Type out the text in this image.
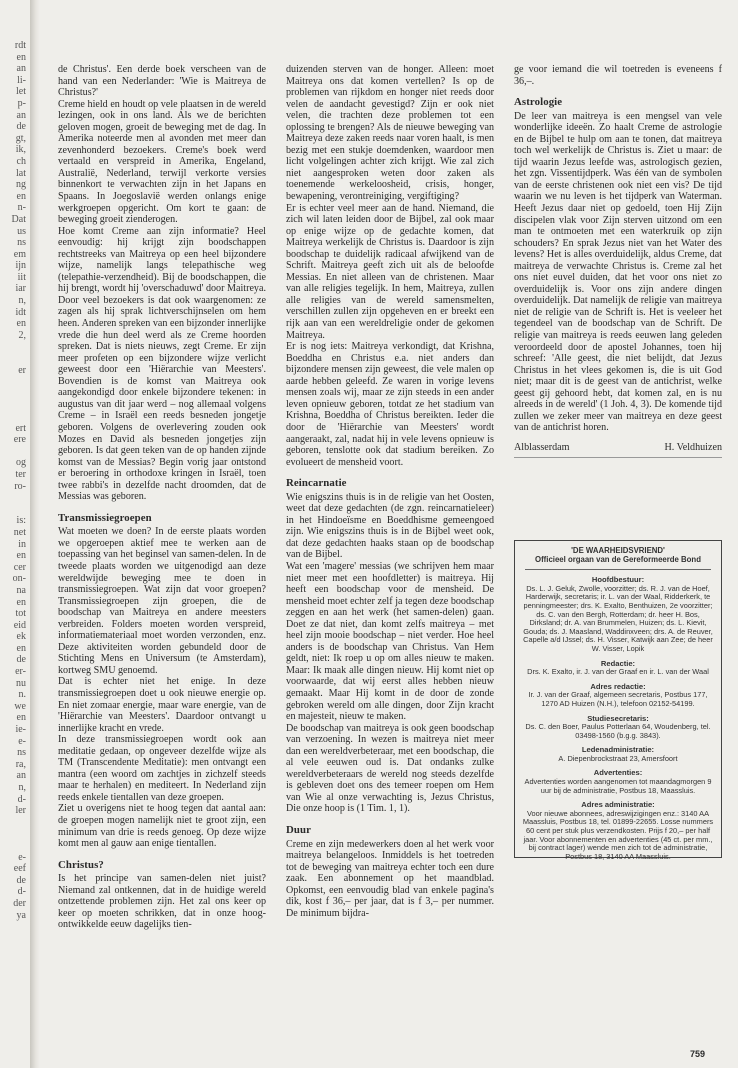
rdt
en
an
li-
let
p-
an
de
gt,
ik,
ch
lat
ng
en
n-
Dat
us
ns
em
ijn
iit
iar
n,
idt
en
2,

er

ert
ere

og
ter
ro-

is:
net
in
en
cer
on-
na
en
tot
eid
ek
en
de
er-
nu
n.
we
en
ie-
e-
ns
ra,
an
n,
d-
ler

e-
eef
de
d-
der
ya

de Christus'. Een derde boek verscheen van de hand van een Nederlander: 'Wie is Maitreya de Christus?'

Creme hield en houdt op vele plaatsen in de wereld lezingen, ook in ons land. Als we de berichten geloven mogen, groeit de beweging met de dag. In Amerika noteerde men al avonden met meer dan zevenhonderd bezoekers. Creme's boek werd vertaald en verspreid in Amerika, Engeland, Australië, Nederland, terwijl verkorte versies binnenkort te verwachten zijn in het Japans en Spaans. In Joegoslavië werden onlangs enige werkgroepen opgericht. Om kort te gaan: de beweging groeit zienderogen.

Hoe komt Creme aan zijn informatie? Heel eenvoudig: hij krijgt zijn boodschappen rechtstreeks van Maitreya op een heel bijzondere wijze, namelijk langs telepathische weg (telepathie-verzendheid). Bij de boodschappen, die hij brengt, wordt hij 'overschaduwd' door Maitreya. Door veel bezoekers is dat ook waargenomen: ze zagen als hij sprak lichtverschijnselen om hem heen. Anderen spreken van een bijzonder innerlijke vrede die hun deel werd als ze Creme hoorden spreken. Dat is niets nieuws, zegt Creme. Er zijn meer profeten op een bijzondere wijze verlicht geweest door een 'Hiërarchie van Meesters'. Bovendien is de komst van Maitreya ook aangekondigd door enkele bijzondere tekenen: in augustus van dit jaar werd – nog allemaal volgens Creme – in Israël een reeds besneden jongetje geboren. Volgens de overlevering zouden ook Mozes en David als besneden jongetjes zijn geboren. Is dat geen teken van de op handen zijnde komst van de Messias? Begin vorig jaar ontstond er beroering in orthodoxe kringen in Israël, toen twee rabbi's in dezelfde nacht droomden, dat de Messias was geboren.

Transmissiegroepen

Wat moeten we doen? In de eerste plaats worden we opgeroepen aktief mee te werken aan de toepassing van het beginsel van samen-delen. In de tweede plaats worden we uitgenodigd aan deze wereldwijde beweging mee te doen in transmissiegroepen. Wat zijn dat voor groepen? Transmissiegroepen zijn groepen, die de boodschap van Maitreya en andere meesters verbreiden. Folders moeten worden verspreid, informatiemateriaal moet worden verzonden, enz. Deze aktiviteiten worden gebundeld door de Stichting Mens en Universum (te Amsterdam), kortweg SMU genoemd.

Dat is echter niet het enige. In deze transmissiegroepen doet u ook nieuwe energie op. En niet zomaar energie, maar ware energie, van de 'Hiërarchie van Meesters'. Daardoor ontvangt u innerlijke kracht en vrede.

In deze transmissiegroepen wordt ook aan meditatie gedaan, op ongeveer dezelfde wijze als TM (Transcendente Meditatie): men ontvangt een mantra (een woord om zachtjes in zichzelf steeds maar te herhalen) en mediteert. In Nederland zijn reeds enkele tientallen van deze groepen.

Ziet u overigens niet te hoog tegen dat aantal aan: de groepen mogen namelijk niet te groot zijn, een minimum van drie is reeds genoeg. Op deze wijze komt men al gauw aan enige tientallen.

Christus?

Is het principe van samen-delen niet juist? Niemand zal ontkennen, dat in de huidige wereld ontzettende problemen zijn. Het zal ons keer op keer op moeten schrikken, dat in onze hoog-ontwikkelde eeuw dagelijks tien-

duizenden sterven van de honger. Alleen: moet Maitreya ons dat komen vertellen? Is op de problemen van rijkdom en honger niet reeds door velen de aandacht gevestigd? Zijn er ook niet velen, die trachten deze problemen tot een oplossing te brengen? Als de nieuwe beweging van Maitreya deze zaken reeds naar voren haalt, is men bezig met een stukje doemdenken, waardoor men licht volgelingen achter zich krijgt. Wie zal zich niet aangesproken weten door zaken als toenemende werkeloosheid, crisis, honger, bewapening, verontreiniging, vergiftiging?

Er is echter veel meer aan de hand. Niemand, die zich wil laten leiden door de Bijbel, zal ook maar op enige wijze op de gedachte komen, dat Maitreya werkelijk de Christus is. Daardoor is zijn boodschap te duidelijk radicaal afwijkend van de Schrift. Maitreya geeft zich uit als de beloofde Messias. En niet alleen van de christenen. Maar van alle religies tegelijk. In hem, Maitreya, zullen alle religies van de wereld samensmelten, verschillen zullen zijn opgeheven en er breekt een rijk aan van een wereldreligie onder de gekomen Maitreya.

Er is nog iets: Maitreya verkondigt, dat Krishna, Boeddha en Christus e.a. niet anders dan bijzondere mensen zijn geweest, die vele malen op aarde hebben geleefd. Ze waren in vorige levens mensen zoals wij, maar ze zijn steeds in een ander leven opnieuw geboren, totdat ze het stadium van Krishna, Boeddha of Christus bereikten. Ieder die door de 'Hiërarchie van Meesters' wordt aangeraakt, zal, nadat hij in vele levens opnieuw is geboren, tenslotte ook dat stadium bereiken. Zo evolueert de mensheid voort.

Reincarnatie

Wie enigszins thuis is in de religie van het Oosten, weet dat deze gedachten (de zgn. reincarnatieleer) in het Hindoeïsme en Boeddhisme gemeengoed zijn. Wie enigszins thuis is in de Bijbel weet ook, dat deze gedachten haaks staan op de boodschap van de Bijbel.

Wat een 'magere' messias (we schrijven hem maar niet meer met een hoofdletter) is maitreya. Hij heeft een boodschap voor de mensheid. De mensheid moet echter zelf ja tegen deze boodschap zeggen en aan het werk (het samen-delen) gaan. Doet ze dat niet, dan komt zelfs maitreya – met heel zijn mooie boodschap – niet verder. Hoe heel anders is de boodschap van Christus. Van Hem geldt, niet: Ik roep u op om alles nieuw te maken. Maar: Ik maak alle dingen nieuw. Hij komt niet op voorwaarde, dat wij eerst alles hebben nieuw gemaakt. Maar Hij komt in de door de zonde gebroken wereld om alle dingen, door Zijn kracht en majesteit, nieuw te maken.

De boodschap van maitreya is ook geen boodschap van verzoening. In wezen is maitreya niet meer dan een wereldverbeteraar, met een boodschap, die al vele eeuwen oud is. Dat ondanks zulke wereldverbeteraars de wereld nog steeds dezelfde is gebleven doet ons des temeer roepen om Hem van Wie al onze verwachting is, Jezus Christus, Die onze hoop is (1 Tim. 1, 1).

Duur

Creme en zijn medewerkers doen al het werk voor maitreya belangeloos. Inmiddels is het toetreden tot de beweging van maitreya echter toch een dure zaak. Een abonnement op het maandblad. Opkomst, een eenvoudig blad van enkele pagina's dik, kost f 36,– per jaar, dat is f 3,– per nummer. De minimum bijdra-

ge voor iemand die wil toetreden is eveneens f 36,–.

Astrologie

De leer van maitreya is een mengsel van vele wonderlijke ideeën. Zo haalt Creme de astrologie en de Bijbel te hulp om aan te tonen, dat maitreya toch wel werkelijk de Christus is. Ziet u maar: de tijd waarin Jezus leefde was, astrologisch gezien, het zgn. Vissentijdperk. Was één van de symbolen van de eerste christenen ook niet een vis? De tijd waarin we nu leven is het tijdperk van Waterman. Heeft Jezus daar niet op gedoeld, toen Hij Zijn discipelen vlak voor Zijn sterven uitzond om een man te ontmoeten met een waterkruik op zijn schouders? En sprak Jezus niet van het Water des levens? Het is alles overduidelijk, aldus Creme, dat maitreya de verwachte Christus is. Creme zal het ons niet euvel duiden, dat het voor ons niet zo overduidelijk is. Voor ons zijn andere dingen overduidelijk. Dat namelijk de religie van maitreya niet de religie van de Schrift is. Het is veeleer het tegendeel van de boodschap van de Schrift. De religie van maitreya is reeds eeuwen lang geleden veroordeeld door de apostel Johannes, toen hij schreef: 'Alle geest, die niet belijdt, dat Jezus Christus in het vlees gekomen is, die is uit God niet; maar dit is de geest van de antichrist, welke geest gij gehoord hebt, dat komen zal, en is nu alreeds in de wereld' (1 Joh. 4, 3). De komende tijd zullen we zeker meer van maitreya en deze geest van de antichrist horen.

Alblasserdam	H. Veldhuizen
'DE WAARHEIDSVRIEND'
Officieel orgaan van de Gereformeerde Bond
Hoofdbestuur:
Ds. L. J. Geluk, Zwolle, voorzitter; ds. R. J. van de Hoef, Harderwijk, secretaris; ir. L. van der Waal, Ridderkerk, te penningmeester; drs. K. Exalto, Benthuizen, 2e voorzitter; ds. C. van den Bergh, Rotterdam; dr. heer H. Bos, Dirksland; dr. A. van Brummelen, Huizen; ds. L. Kievit, Gouda; ds. J. Maasland, Waddinxveen; drs. A. de Reuver, Capelle a/d IJssel; ds. H. Visser, Katwijk aan Zee; de heer W. Visser, Lopik
Redactie:
Drs. K. Exalto, ir. J. van der Graaf en ir. L. van der Waal
Adres redactie:
Ir. J. van der Graaf, algemeen secretaris, Postbus 177, 1270 AD Huizen (N.H.), telefoon 02152-54199.
Studiesecretaris:
Ds. C. den Boer, Paulus Potterlaan 64, Woudenberg, tel. 03498-1560 (b.g.g. 3843).
Ledenadministratie:
A. Diepenbrockstraat 23, Amersfoort
Advertenties:
Advertenties worden aangenomen tot maandagmorgen 9 uur bij de administratie, Postbus 18, Maassluis.
Adres administratie:
Voor nieuwe abonnees, adreswijzigingen enz.: 3140 AA Maassluis, Postbus 18, tel. 01899-22655. Losse nummers 60 cent per stuk plus verzendkosten. Prijs f 20,– per half jaar. Voor abonnementen en advertenties (45 ct. per mm., bij contract lager) wende men zich tot de administratie, Postbus 18, 3140 AA Maassluis.
759
